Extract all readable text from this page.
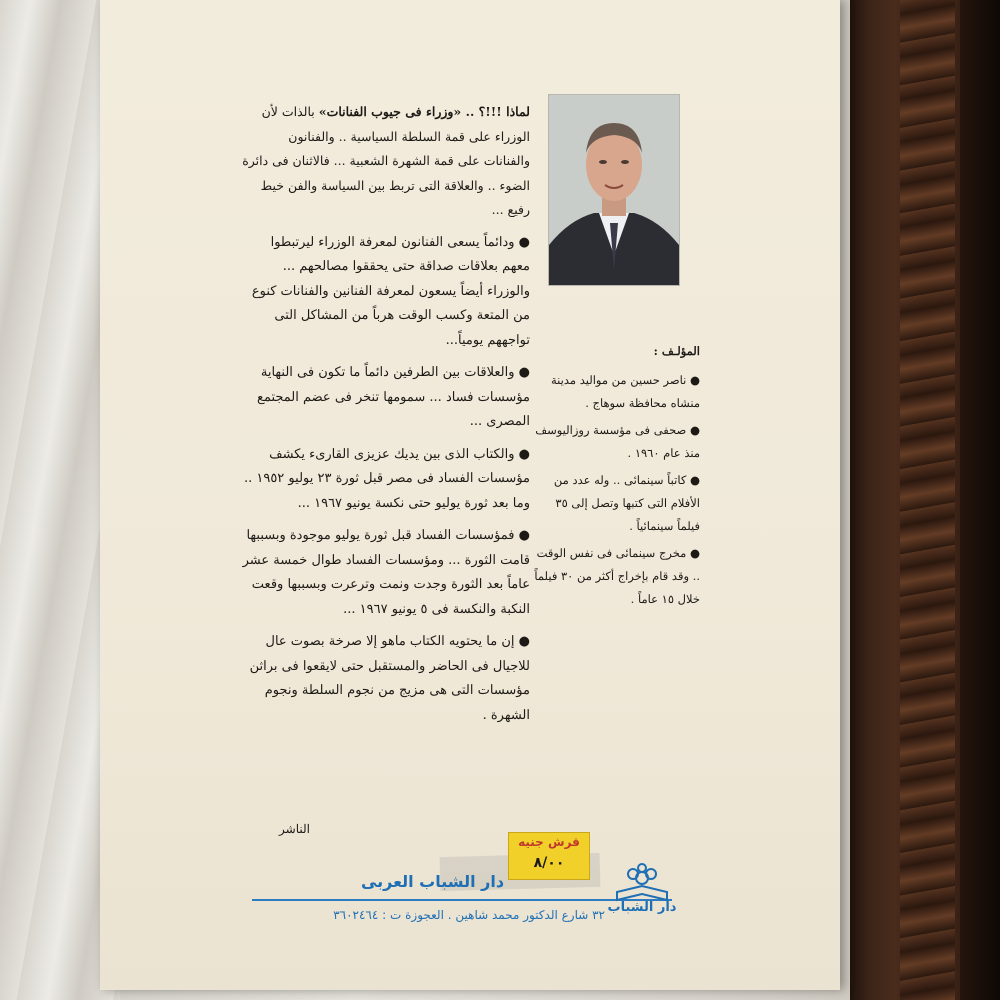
لماذا !!!؟ .. «وزراء فى جيوب الفنانات» بالذات لأن الوزراء على قمة السلطة السياسية .. والفنانون والفنانات على قمة الشهرة الشعبية ... فالاثنان فى دائرة الضوء .. والعلاقة التى تربط بين السياسة والفن خيط رفيع ...

● ودائماً يسعى الفنانون لمعرفة الوزراء ليرتبطوا معهم بعلاقات صداقة حتى يحققوا مصالحهم ... والوزراء أيضاً يسعون لمعرفة الفنانين والفنانات كنوع من المتعة وكسب الوقت هرباً من المشاكل التى تواجههم يومياً...

● والعلاقات بين الطرفين دائماً ما تكون فى النهاية مؤسسات فساد ... سمومها تنخر فى عضم المجتمع المصرى ...

● والكتاب الذى بين يديك عزيزى القارىء يكشف مؤسسات الفساد فى مصر قبل ثورة ٢٣ يوليو ١٩٥٢ .. وما بعد ثورة يوليو حتى نكسة يونيو ١٩٦٧ ...

● فمؤسسات الفساد قبل ثورة يوليو موجودة وبسببها قامت الثورة ... ومؤسسات الفساد طوال خمسة عشر عاماً بعد الثورة وجدت ونمت وترعرت وبسببها وقعت النكبة والنكسة فى ٥ يونيو ١٩٦٧ ...

● إن ما يحتويه الكتاب ماهو إلا صرخة بصوت عال للاجيال فى الحاضر والمستقبل حتى لايقعوا فى براثن مؤسسات التى هى مزيج من نجوم السلطة ونجوم الشهرة .

الناشر
المؤلـف :

● ناصر حسين من مواليد مدينة منشاه محافظة سوهاج .

● صحفى فى مؤسسة روزاليوسف منذ عام ١٩٦٠ .

● كاتباً سينمائى .. وله عدد من الأفلام التى كتبها وتصل إلى ٣٥ فيلماً سينمائياً .

● مخرج سينمائى فى نفس الوقت .. وقد قام بإخراج أكثر من ٣٠ فيلماً خلال ١٥ عاماً .

قرش جنيه
٨/٠٠
دار الشباب العربى
٣٢ شارع الدكتور محمد شاهين . العجوزة ت : ٣٦٠٢٤٦٤ دار الشباب
